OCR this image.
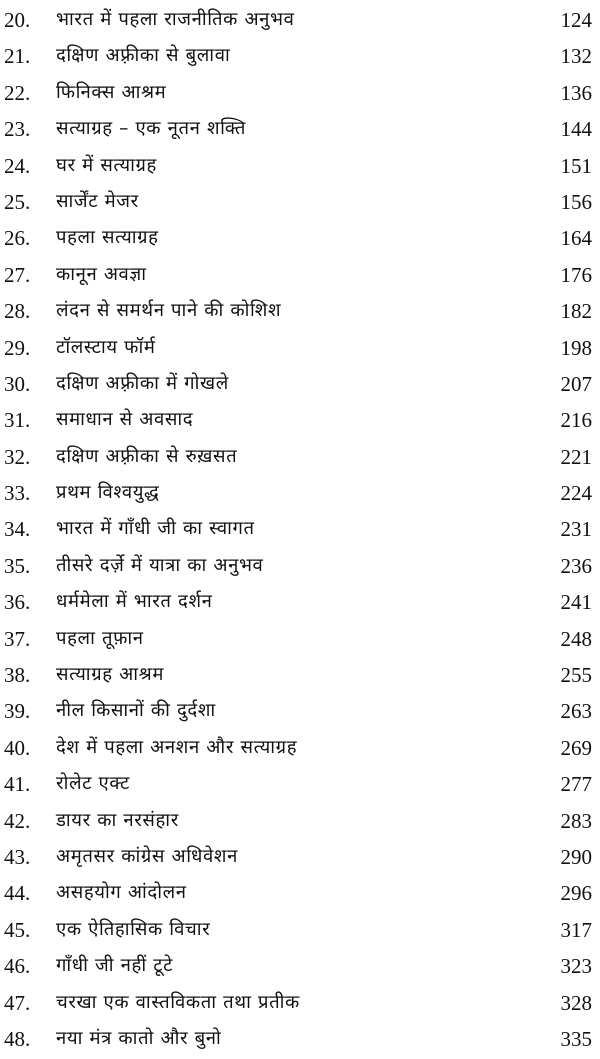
20. भारत में पहला राजनीतिक अनुभव	124
21. दक्षिण अफ़्रीका से बुलावा	132
22. फिनिक्स आश्रम	136
23. सत्याग्रह – एक नूतन शक्ति	144
24. घर में सत्याग्रह	151
25. सार्जेंट मेजर	156
26. पहला सत्याग्रह	164
27. कानून अवज्ञा	176
28. लंदन से समर्थन पाने की कोशिश	182
29. टॉलस्टाय फॉर्म	198
30. दक्षिण अफ़्रीका में गोखले	207
31. समाधान से अवसाद	216
32. दक्षिण अफ़्रीका से रुख़सत	221
33. प्रथम विश्वयुद्ध	224
34. भारत में गाँधी जी का स्वागत	231
35. तीसरे दर्ज़े में यात्रा का अनुभव	236
36. धर्ममेला में भारत दर्शन	241
37. पहला तूफ़ान	248
38. सत्याग्रह आश्रम	255
39. नील किसानों की दुर्दशा	263
40. देश में पहला अनशन और सत्याग्रह	269
41. रोलेट एक्ट	277
42. डायर का नरसंहार	283
43. अमृतसर कांग्रेस अधिवेशन	290
44. असहयोग आंदोलन	296
45. एक ऐतिहासिक विचार	317
46. गाँधी जी नहीं टूटे	323
47. चरखा एक वास्तविकता तथा प्रतीक	328
48. नया मंत्र कातो और बुनो	335
